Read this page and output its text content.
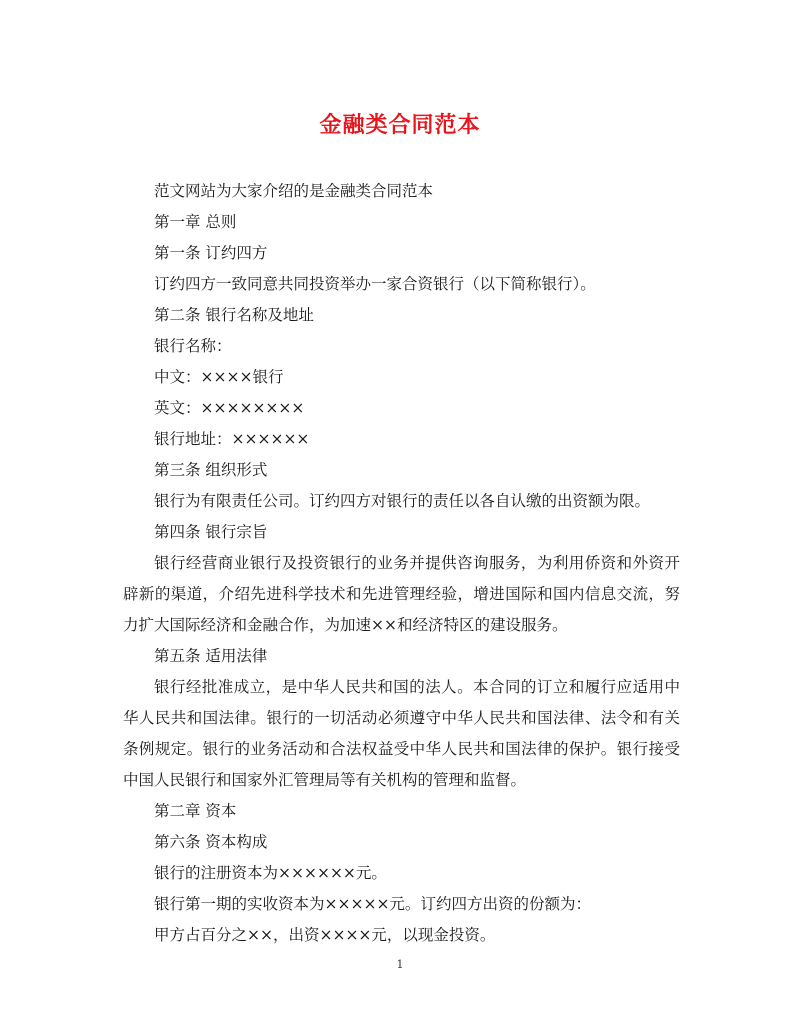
金融类合同范本

范文网站为大家介绍的是金融类合同范本

第一章 总则

第一条 订约四方

订约四方一致同意共同投资举办一家合资银行（以下简称银行）。

第二条 银行名称及地址

银行名称：

中文：××××银行

英文：××××××××

银行地址：××××××

第三条 组织形式

银行为有限责任公司。订约四方对银行的责任以各自认缴的出资额为限。

第四条 银行宗旨

银行经营商业银行及投资银行的业务并提供咨询服务，为利用侨资和外资开辟新的渠道，介绍先进科学技术和先进管理经验，增进国际和国内信息交流，努力扩大国际经济和金融合作，为加速××和经济特区的建设服务。

第五条 适用法律

银行经批准成立，是中华人民共和国的法人。本合同的订立和履行应适用中华人民共和国法律。银行的一切活动必须遵守中华人民共和国法律、法令和有关条例规定。银行的业务活动和合法权益受中华人民共和国法律的保护。银行接受中国人民银行和国家外汇管理局等有关机构的管理和监督。

第二章 资本

第六条 资本构成

银行的注册资本为××××××元。

银行第一期的实收资本为×××××元。订约四方出资的份额为：

甲方占百分之××，出资××××元，以现金投资。

1
